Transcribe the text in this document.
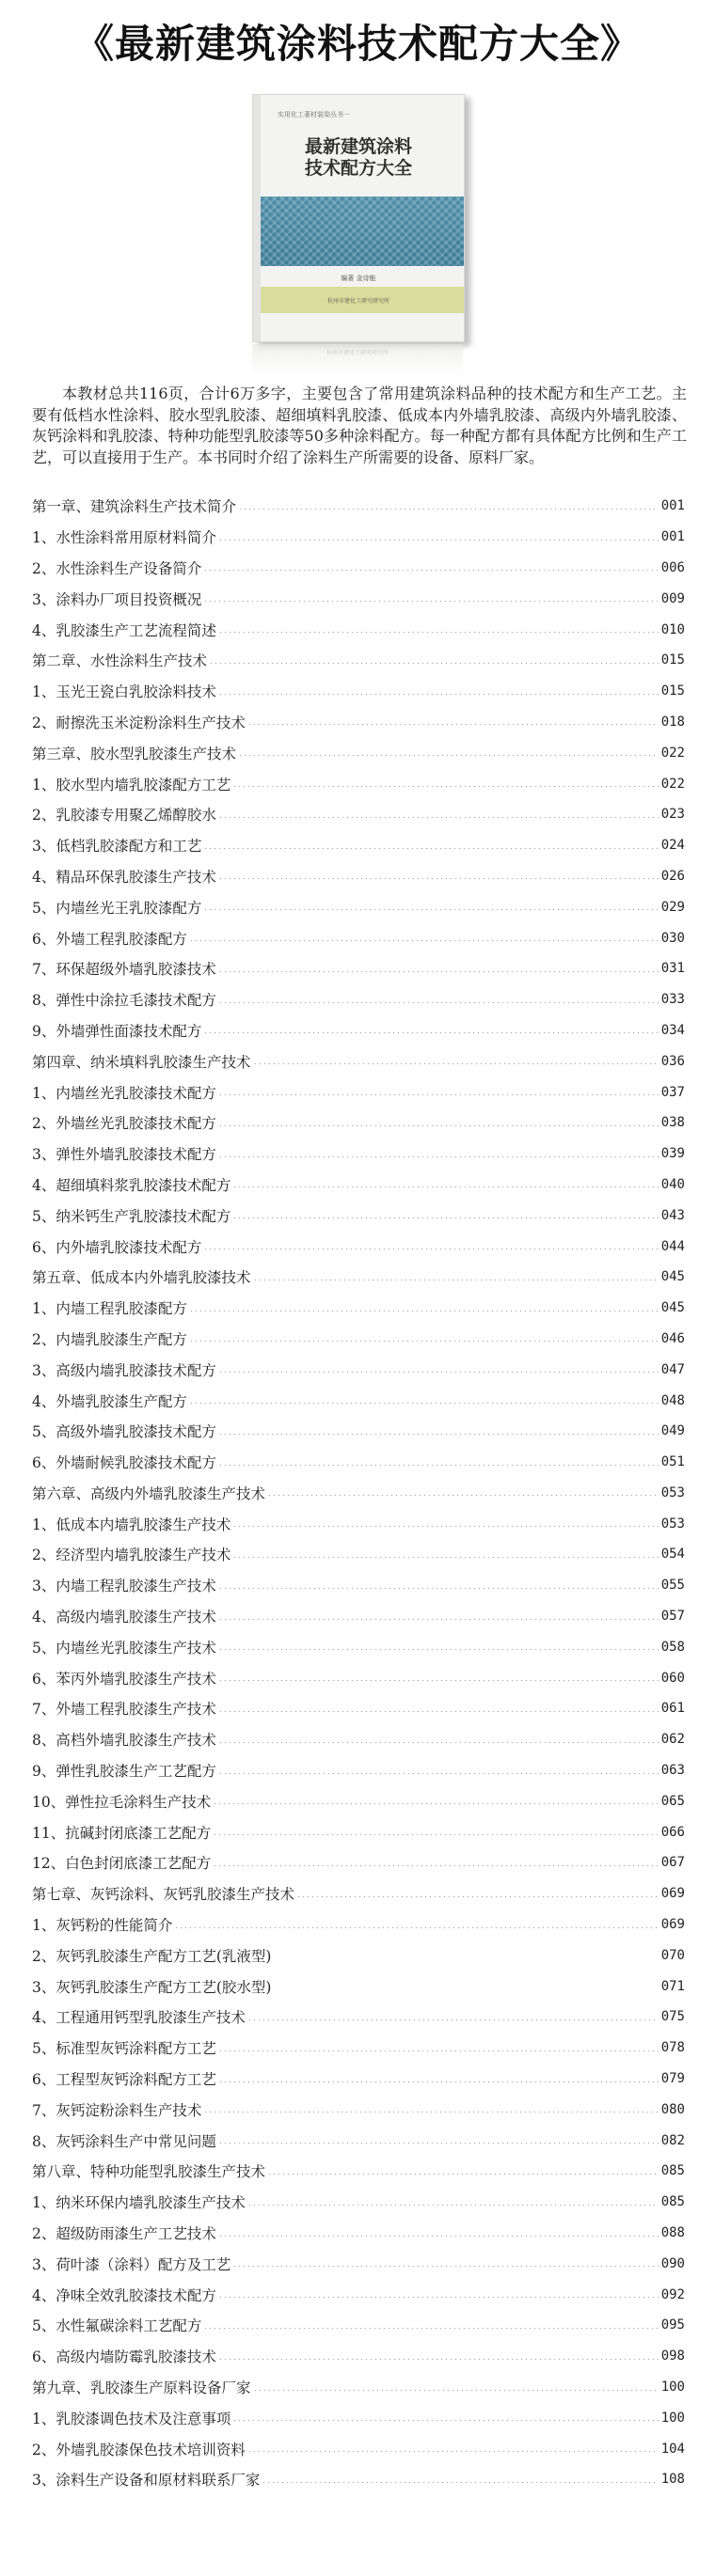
《最新建筑涂料技术配方大全》
实用化工著材装染丛书一
最新建筑涂料
技术配方大全
编著 金诗能
杭州市建化工研究研究所
杭州市建化工研究研究所

本教材总共116页，合计6万多字，主要包含了常用建筑涂料品种的技术配方和生产工艺。主要有低档水性涂料、胶水型乳胶漆、超细填料乳胶漆、低成本内外墙乳胶漆、高级内外墙乳胶漆、灰钙涂料和乳胶漆、特种功能型乳胶漆等50多种涂料配方。每一种配方都有具体配方比例和生产工艺，可以直接用于生产。本书同时介绍了涂料生产所需要的设备、原料厂家。

第一章、建筑涂料生产技术简介	001
1、水性涂料常用原材料简介	001
2、水性涂料生产设备简介	006
3、涂料办厂项目投资概况	009
4、乳胶漆生产工艺流程简述	010
第二章、水性涂料生产技术	015
1、玉光王瓷白乳胶涂料技术	015
2、耐擦洗玉米淀粉涂料生产技术	018
第三章、胶水型乳胶漆生产技术	022
1、胶水型内墙乳胶漆配方工艺	022
2、乳胶漆专用聚乙烯醇胶水	023
3、低档乳胶漆配方和工艺	024
4、精品环保乳胶漆生产技术	026
5、内墙丝光王乳胶漆配方	029
6、外墙工程乳胶漆配方	030
7、环保超级外墙乳胶漆技术	031
8、弹性中涂拉毛漆技术配方	033
9、外墙弹性面漆技术配方	034
第四章、纳米填料乳胶漆生产技术	036
1、内墙丝光乳胶漆技术配方	037
2、外墙丝光乳胶漆技术配方	038
3、弹性外墙乳胶漆技术配方	039
4、超细填料浆乳胶漆技术配方	040
5、纳米钙生产乳胶漆技术配方	043
6、内外墙乳胶漆技术配方	044
第五章、低成本内外墙乳胶漆技术	045
1、内墙工程乳胶漆配方	045
2、内墙乳胶漆生产配方	046
3、高级内墙乳胶漆技术配方	047
4、外墙乳胶漆生产配方	048
5、高级外墙乳胶漆技术配方	049
6、外墙耐候乳胶漆技术配方	051
第六章、高级内外墙乳胶漆生产技术	053
1、低成本内墙乳胶漆生产技术	053
2、经济型内墙乳胶漆生产技术	054
3、内墙工程乳胶漆生产技术	055
4、高级内墙乳胶漆生产技术	057
5、内墙丝光乳胶漆生产技术	058
6、苯丙外墙乳胶漆生产技术	060
7、外墙工程乳胶漆生产技术	061
8、高档外墙乳胶漆生产技术	062
9、弹性乳胶漆生产工艺配方	063
10、弹性拉毛涂料生产技术	065
11、抗碱封闭底漆工艺配方	066
12、白色封闭底漆工艺配方	067
第七章、灰钙涂料、灰钙乳胶漆生产技术	069
1、灰钙粉的性能简介	069
2、灰钙乳胶漆生产配方工艺(乳液型)	070
3、灰钙乳胶漆生产配方工艺(胶水型)	071
4、工程通用钙型乳胶漆生产技术	075
5、标准型灰钙涂料配方工艺	078
6、工程型灰钙涂料配方工艺	079
7、灰钙淀粉涂料生产技术	080
8、灰钙涂料生产中常见问题	082
第八章、特种功能型乳胶漆生产技术	085
1、纳米环保内墙乳胶漆生产技术	085
2、超级防雨漆生产工艺技术	088
3、荷叶漆（涂料）配方及工艺	090
4、净味全效乳胶漆技术配方	092
5、水性氟碳涂料工艺配方	095
6、高级内墙防霉乳胶漆技术	098
第九章、乳胶漆生产原料设备厂家	100
1、乳胶漆调色技术及注意事项	100
2、外墙乳胶漆保色技术培训资料	104
3、涂料生产设备和原材料联系厂家	108
